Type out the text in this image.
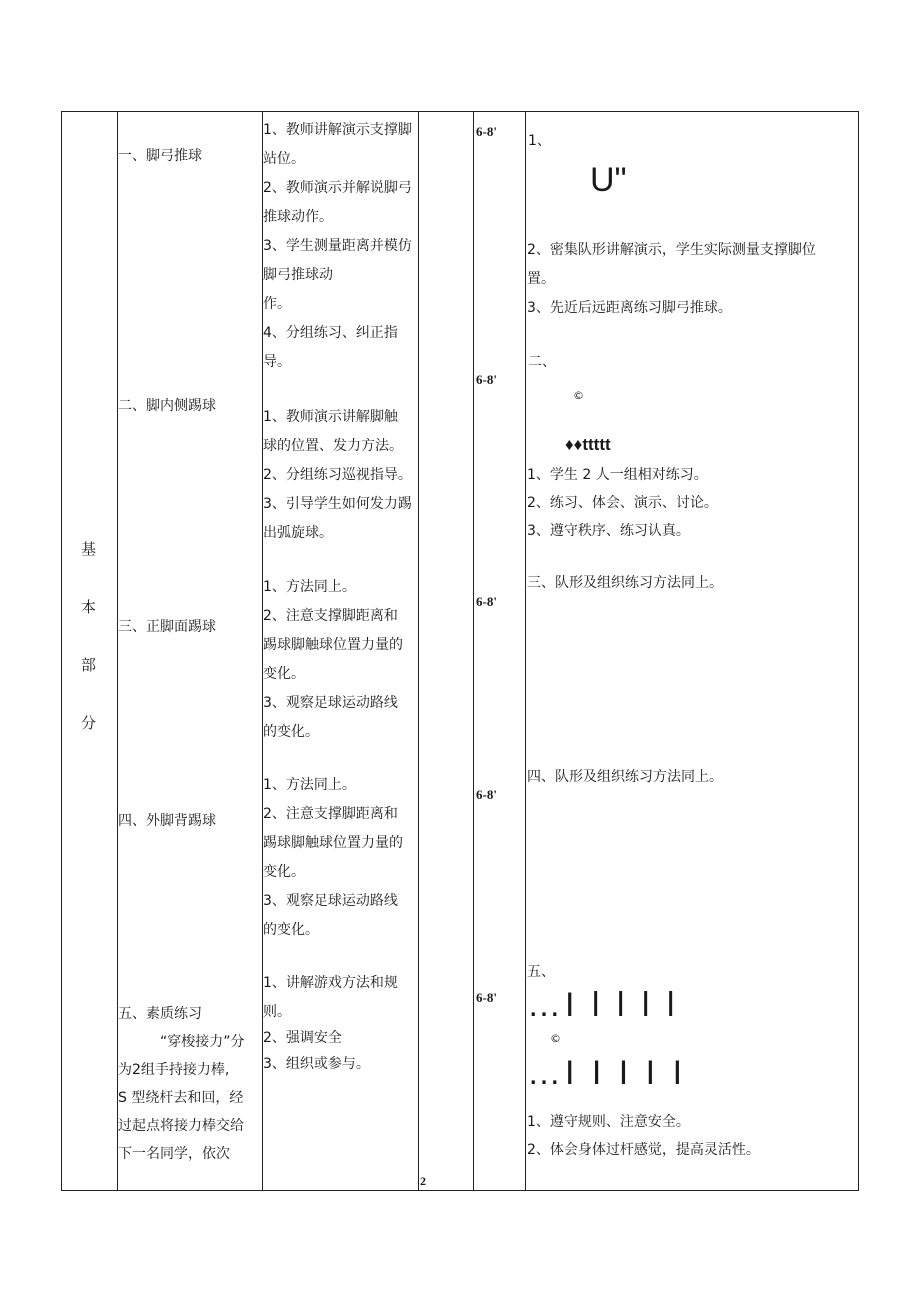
基
本
部
分
一、脚弓推球
二、脚内侧踢球
三、正脚面踢球
四、外脚背踢球
五、素质练习
“穿梭接力”分
为2组手持接力棒,
S 型绕杆去和回，经
过起点将接力棒交给
下一名同学，依次
1、教师讲解演示支撑脚
站位。
2、教师演示并解说脚弓
推球动作。
3、学生测量距离并模仿
脚弓推球动
作。
4、分组练习、纠正指
导。
1、教师演示讲解脚触
球的位置、发力方法。
2、分组练习巡视指导。
3、引导学生如何发力踢
出弧旋球。
1、方法同上。
2、注意支撑脚距离和
踢球脚触球位置力量的
变化。
3、观察足球运动路线
的变化。
1、方法同上。
2、注意支撑脚距离和
踢球脚触球位置力量的
变化。
3、观察足球运动路线
的变化。
1、讲解游戏方法和规
则。
2、强调安全
3、组织或参与。
6-8'
6-8'
6-8'
6-8'
6-8'
2
1、
U"
2、密集队形讲解演示，学生实际测量支撑脚位
置。
3、先近后远距离练习脚弓推球。
二、
©
♦♦ttttt
1、学生 2 人一组相对练习。
2、练习、体会、演示、讨论。
3、遵守秩序、练习认真。
三、队形及组织练习方法同上。
四、队形及组织练习方法同上。
五、
…I l l l l
©
…I I I I I
1、遵守规则、注意安全。
2、体会身体过杆感觉，提高灵活性。
